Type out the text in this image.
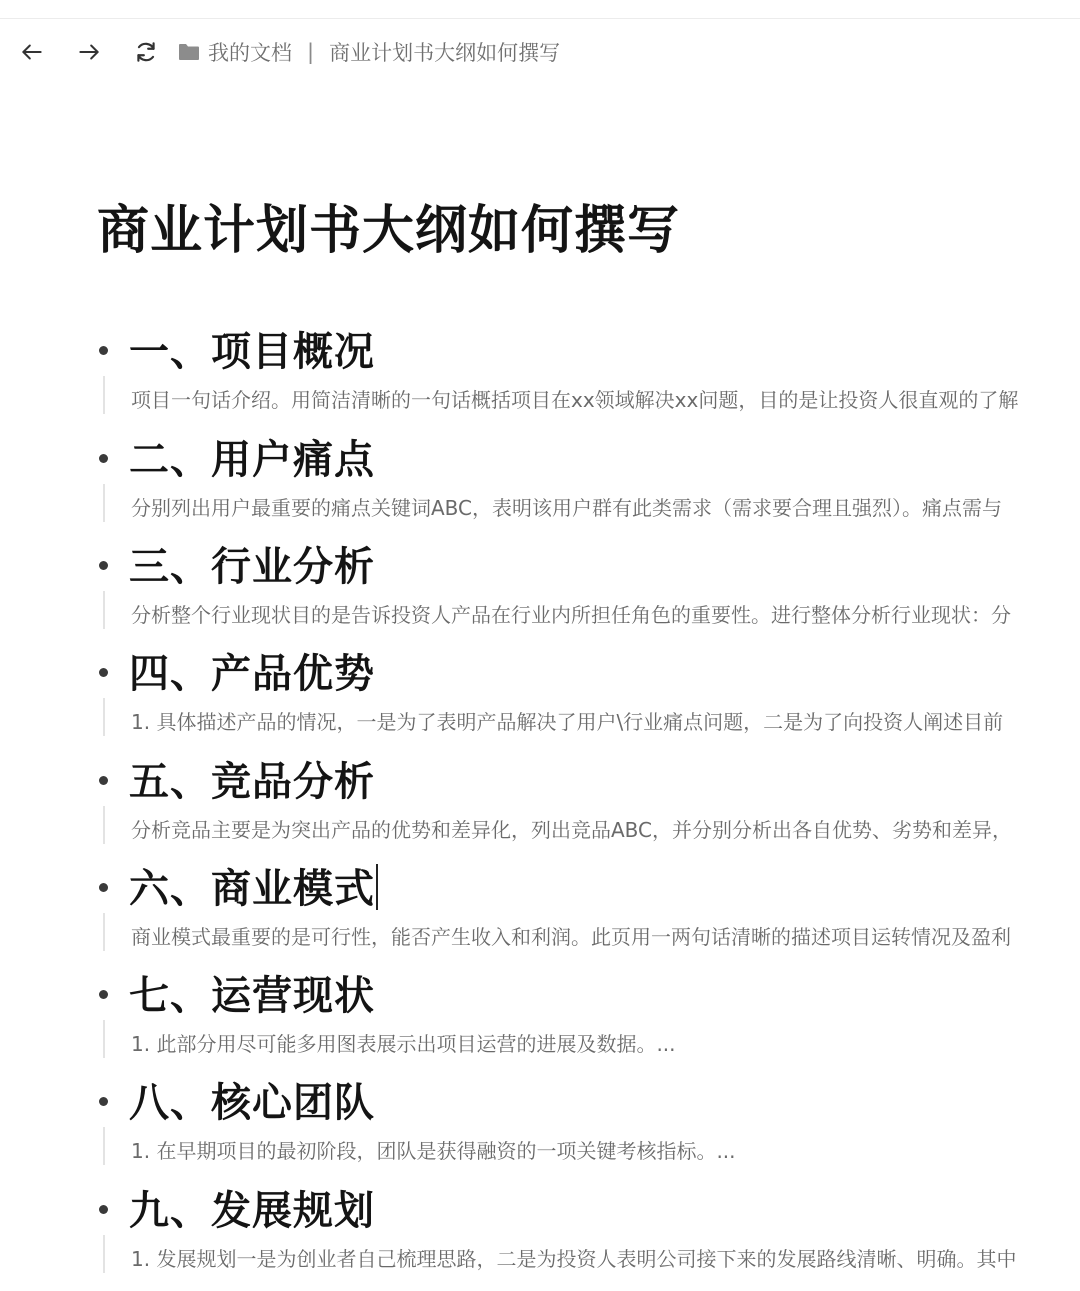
我的文档 | 商业计划书大纲如何撰写
商业计划书大纲如何撰写
一、项目概况
项目一句话介绍。用简洁清晰的一句话概括项目在xx领域解决xx问题，目的是让投资人很直观的了解
二、用户痛点
分别列出用户最重要的痛点关键词ABC，表明该用户群有此类需求（需求要合理且强烈）。痛点需与
三、行业分析
分析整个行业现状目的是告诉投资人产品在行业内所担任角色的重要性。进行整体分析行业现状：分
四、产品优势
1. 具体描述产品的情况，一是为了表明产品解决了用户\行业痛点问题，二是为了向投资人阐述目前
五、竞品分析
分析竞品主要是为突出产品的优势和差异化，列出竞品ABC，并分别分析出各自优势、劣势和差异，
六、商业模式
商业模式最重要的是可行性，能否产生收入和利润。此页用一两句话清晰的描述项目运转情况及盈利
七、运营现状
1. 此部分用尽可能多用图表展示出项目运营的进展及数据。...
八、核心团队
1. 在早期项目的最初阶段，团队是获得融资的一项关键考核指标。...
九、发展规划
1. 发展规划一是为创业者自己梳理思路，二是为投资人表明公司接下来的发展路线清晰、明确。其中
